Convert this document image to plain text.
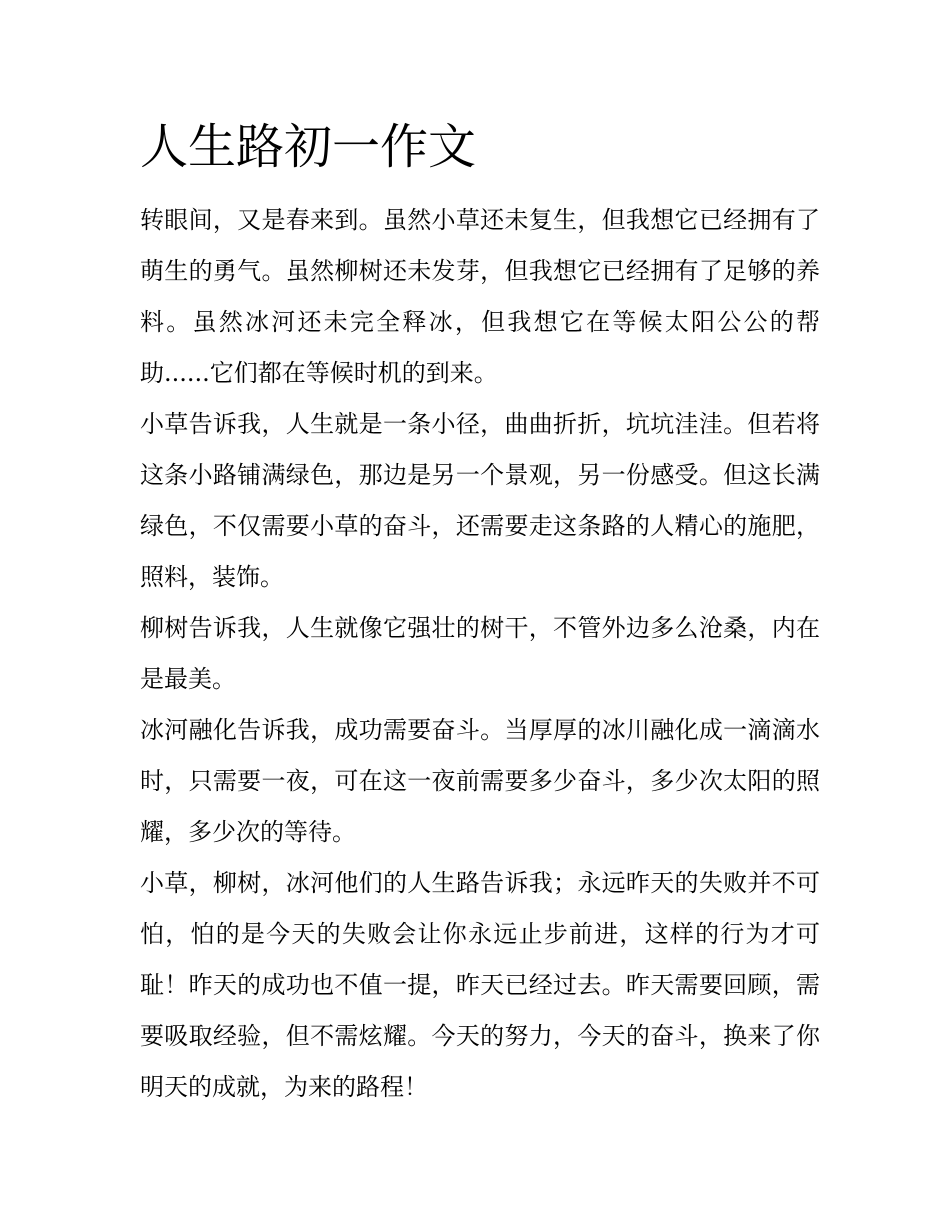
人生路初一作文

转眼间，又是春来到。虽然小草还未复生，但我想它已经拥有了萌生的勇气。虽然柳树还未发芽，但我想它已经拥有了足够的养料。虽然冰河还未完全释冰，但我想它在等候太阳公公的帮助......它们都在等候时机的到来。

小草告诉我，人生就是一条小径，曲曲折折，坑坑洼洼。但若将这条小路铺满绿色，那边是另一个景观，另一份感受。但这长满绿色，不仅需要小草的奋斗，还需要走这条路的人精心的施肥，照料，装饰。

柳树告诉我，人生就像它强壮的树干，不管外边多么沧桑，内在是最美。

冰河融化告诉我，成功需要奋斗。当厚厚的冰川融化成一滴滴水时，只需要一夜，可在这一夜前需要多少奋斗，多少次太阳的照耀，多少次的等待。

小草，柳树，冰河他们的人生路告诉我；永远昨天的失败并不可怕，怕的是今天的失败会让你永远止步前进，这样的行为才可耻！昨天的成功也不值一提，昨天已经过去。昨天需要回顾，需要吸取经验，但不需炫耀。今天的努力，今天的奋斗，换来了你明天的成就，为来的路程！
